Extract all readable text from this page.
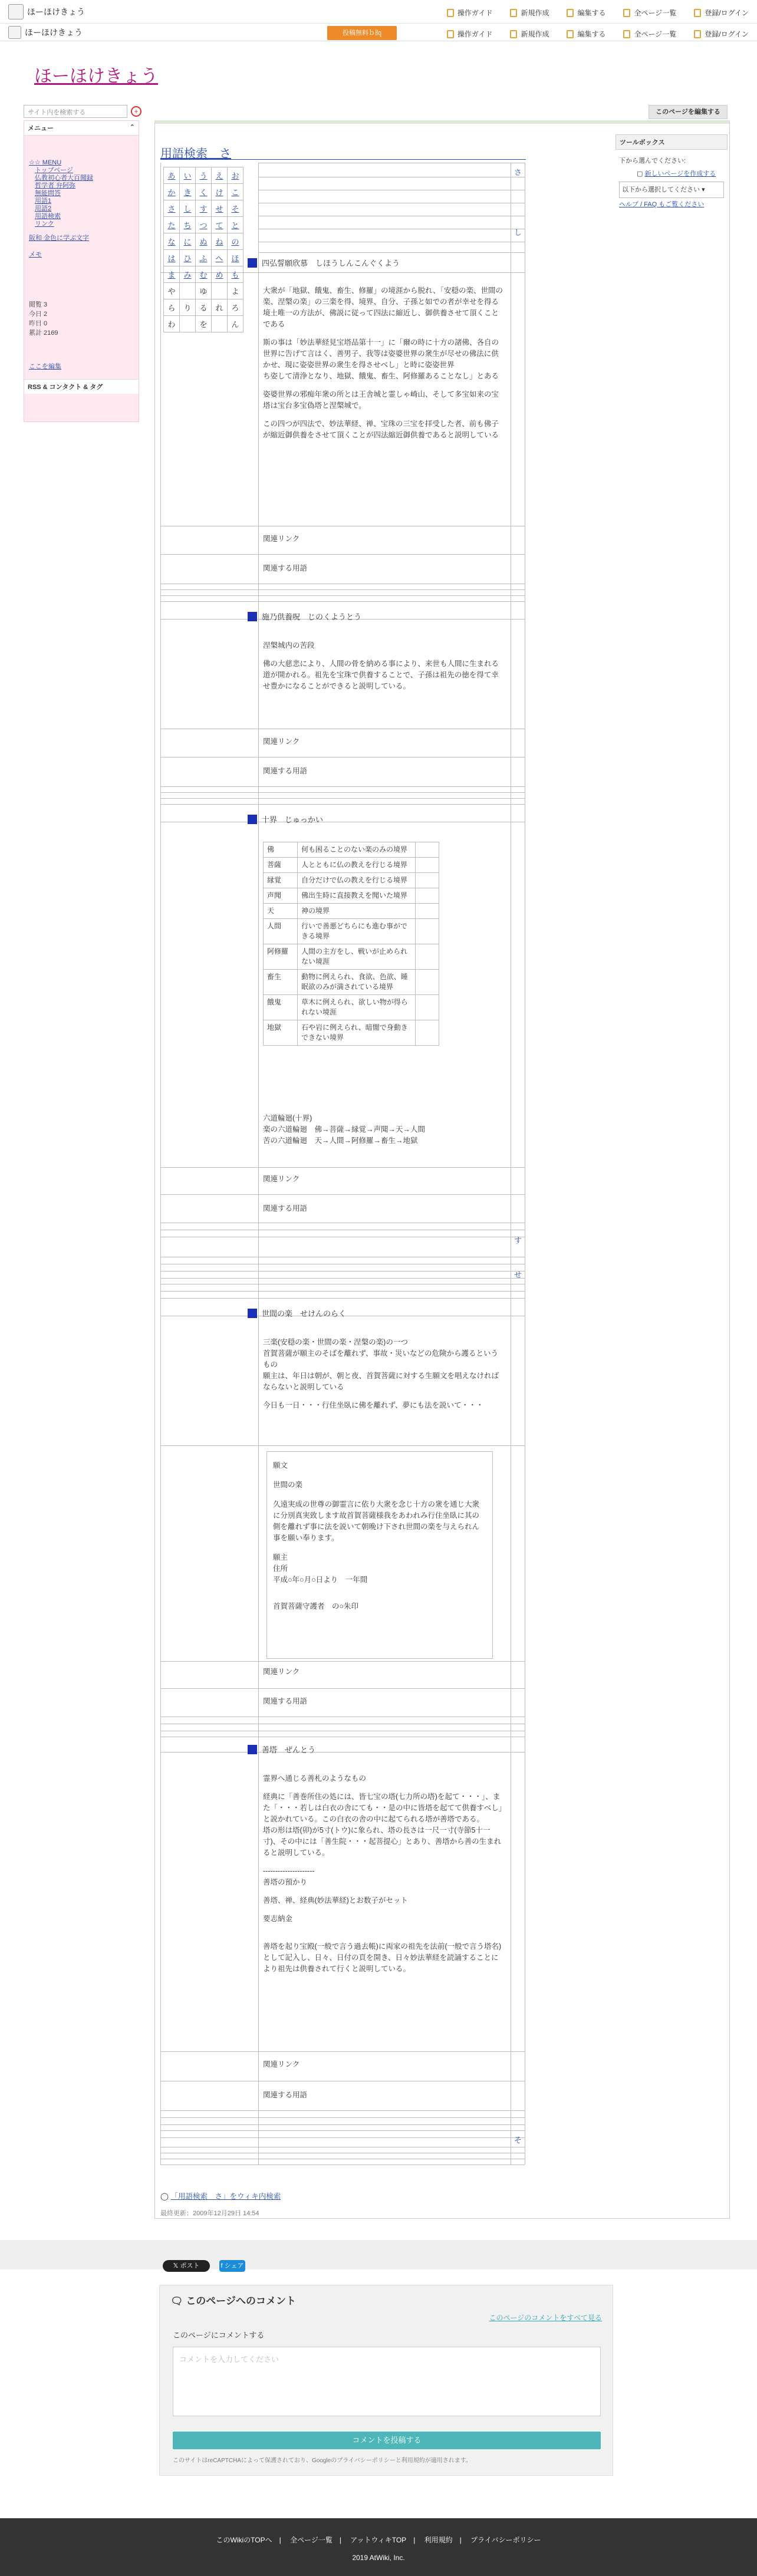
ほーほけきょう	操作ガイド	新規作成	編集する	全ページ一覧	登録/ログイン
ほーほけきょう	操作ガイド	新規作成	編集する	全ページ一覧	登録/ログイン
投稿無料ｂ㏃
ほーほけきょう
サイト内を検索する	+	このページを編集する
メニュー	⌃
☆☆ MENU
トップページ
仏教初心者大百聞録
哲学者 弁阿弥
無能問答
用語1
用語2
用語検索
リンク
阪和 金色に学ぶ文字
メモ
閲覧 3
今日 2
昨日 0
累計 2169
ここを編集
RSS & コンタクト & タグ
ツールボックス
下から選んでください:
▢ 新しいページを作成する
以下から選択してください ▾
ヘルプ / FAQ もご覧ください
用語検索　さ
あ	い	う	え	お
か	き	く	け	こ
さ	し	す	せ	そ
た	ち	つ	て	と
な	に	ぬ	ね	の
は	ひ	ふ	へ	ほ
ま	み	む	め	も
や		ゆ		よ
ら	り	る	れ	ろ
わ		を		ん
さ
し
す
せ
そ
四弘誓願欣慕　しほうしんこんぐくよう

大衆が「地獄、餓鬼、畜生、修羅」の境涯から脱れ、「安穏の楽、世間の楽、涅槃の楽」の三楽を得、境界、自分、子孫と如での者が幸せを得る境土唯一の方法が、佛説に従って四法に縮近し、御供養させて頂くことである

斯の事は「妙法華経見宝塔品第十一」に「爾の時に十方の諸佛、各自の世界に告げて言はく、善男子、我等は姿婆世界の衆生が尽せの佛法に供かせ、現に姿姿世界の衆生を得させべし」と時に姿姿世界

ち姿して清浄となり、地獄、餓鬼、畜生、阿修羅あることなし」とある

姿婆世界の邪痴年衆の所とは王舎城と霊しゃ崎山、そして多宝如来の宝塔は宝台多宝偽塔と涅槃城で。

この四つが四法で、妙法華経、禅、宝珠の三宝を拝受した者、前も佛子が縮近御供養をさせて頂くことが四法縮近御供養であると説明している

関連リンク
関連する用語
施乃供養呪　じのくようとう

涅槃城内の苦段

佛の大慈悲により、人間の骨を納める事により、来世も人間に生まれる道が開かれる。祖先を宝珠で供養することで、子孫は祖先の徳を得て幸せ豊かになることができると説明している。

関連リンク
関連する用語
十界　じゅっかい
佛	何も困ることのない楽のみの境界	
菩薩	人とともに仏の教えを行じる境界	
縁覚	自分だけで仏の教えを行じる境界	
声聞	佛出生時に直接教えを聞いた境界	
天	神の境界	
人間	行いで善悪どちらにも進む事ができる境界	
阿修羅	人間の主方をし、戦いが止められない境涯	
畜生	動物に例えられ、食欲、色欲、睡眠欲のみが満されている境界	
餓鬼	草木に例えられ、欲しい物が得られない境涯	
地獄	石や岩に例えられ、暗闇で身動きできない境界	

六道輪廻(十界)

楽の六道輪廻　佛→菩薩→縁覚→声聞→天→人間

苦の六道輪廻　天→人間→阿修羅→畜生→地獄

関連リンク
関連する用語
世間の楽　せけんのらく

三楽(安穏の楽・世間の楽・涅槃の楽)の一つ

首賀菩薩が願主のそばを離れず、事故・災いなどの危険から護るというもの

願主は、年日は朝が、朝と夜、首賀菩薩に対する生願文を唱えなければならないと説明している

今日も一日・・・行住坐臥に佛を離れず、夢にも法を説いて・・・

願文

世間の楽

久遠実成の世尊の御霊言に依り大衆を念じ十方の衆を通じ大衆に分別真実致します故首賀菩薩様我をあわれみ行住坐臥に其の側を離れず事に法を説いて朝晩け下され世間の楽を与えられん事を願い奉ります。

願主
住所

平成○年○月○日より　一年間

首賀菩薩守護者　の○朱印

関連リンク
関連する用語
善塔　ぜんとう

霊界へ通じる善札のようなもの

経典に「善巻所住の処には、皆七宝の塔(七力所の塔)を起て・・・」、また「・・・若しは白衣の舎にても・・是の中に皆塔を起てて供養すべし」と説かれている。この白衣の舎の中に起てられる塔が善塔である。

塔の形は塔(卯)が5寸(トウ)に象られ、塔の長さは一尺一寸(寺節5十一寸)、その中には「善生院・・・起菩提心」とあり、善塔から善の生まれると説明している。

---------------------

善塔の預かり

善塔、禅、経典(妙法華経)とお数子がセット

要志納金

善塔を起り宝殿(一般で言う過去帳)に両家の祖先を法前(一般で言う塔名)として記入し、日々、日付の頁を開き、日々妙法華経を読誦することにより祖先は供養されて行くと説明している。

関連リンク
関連する用語
◯ 「用語検索　さ」をウィキ内検索
最終更新：2009年12月29日 14:54
𝕏 ポスト	f シェア
🗨 このページへのコメント
このページのコメントをすべて見る
このページにコメントする
コメントを入力してください
コメントを投稿する
このサイトはreCAPTCHAによって保護されており、Googleのプライバシーポリシーと利用規約が適用されます。
このWikiのTOPへ | 全ページ一覧 | アットウィキTOP | 利用規約 | プライバシーポリシー
2019 AtWiki, Inc.
